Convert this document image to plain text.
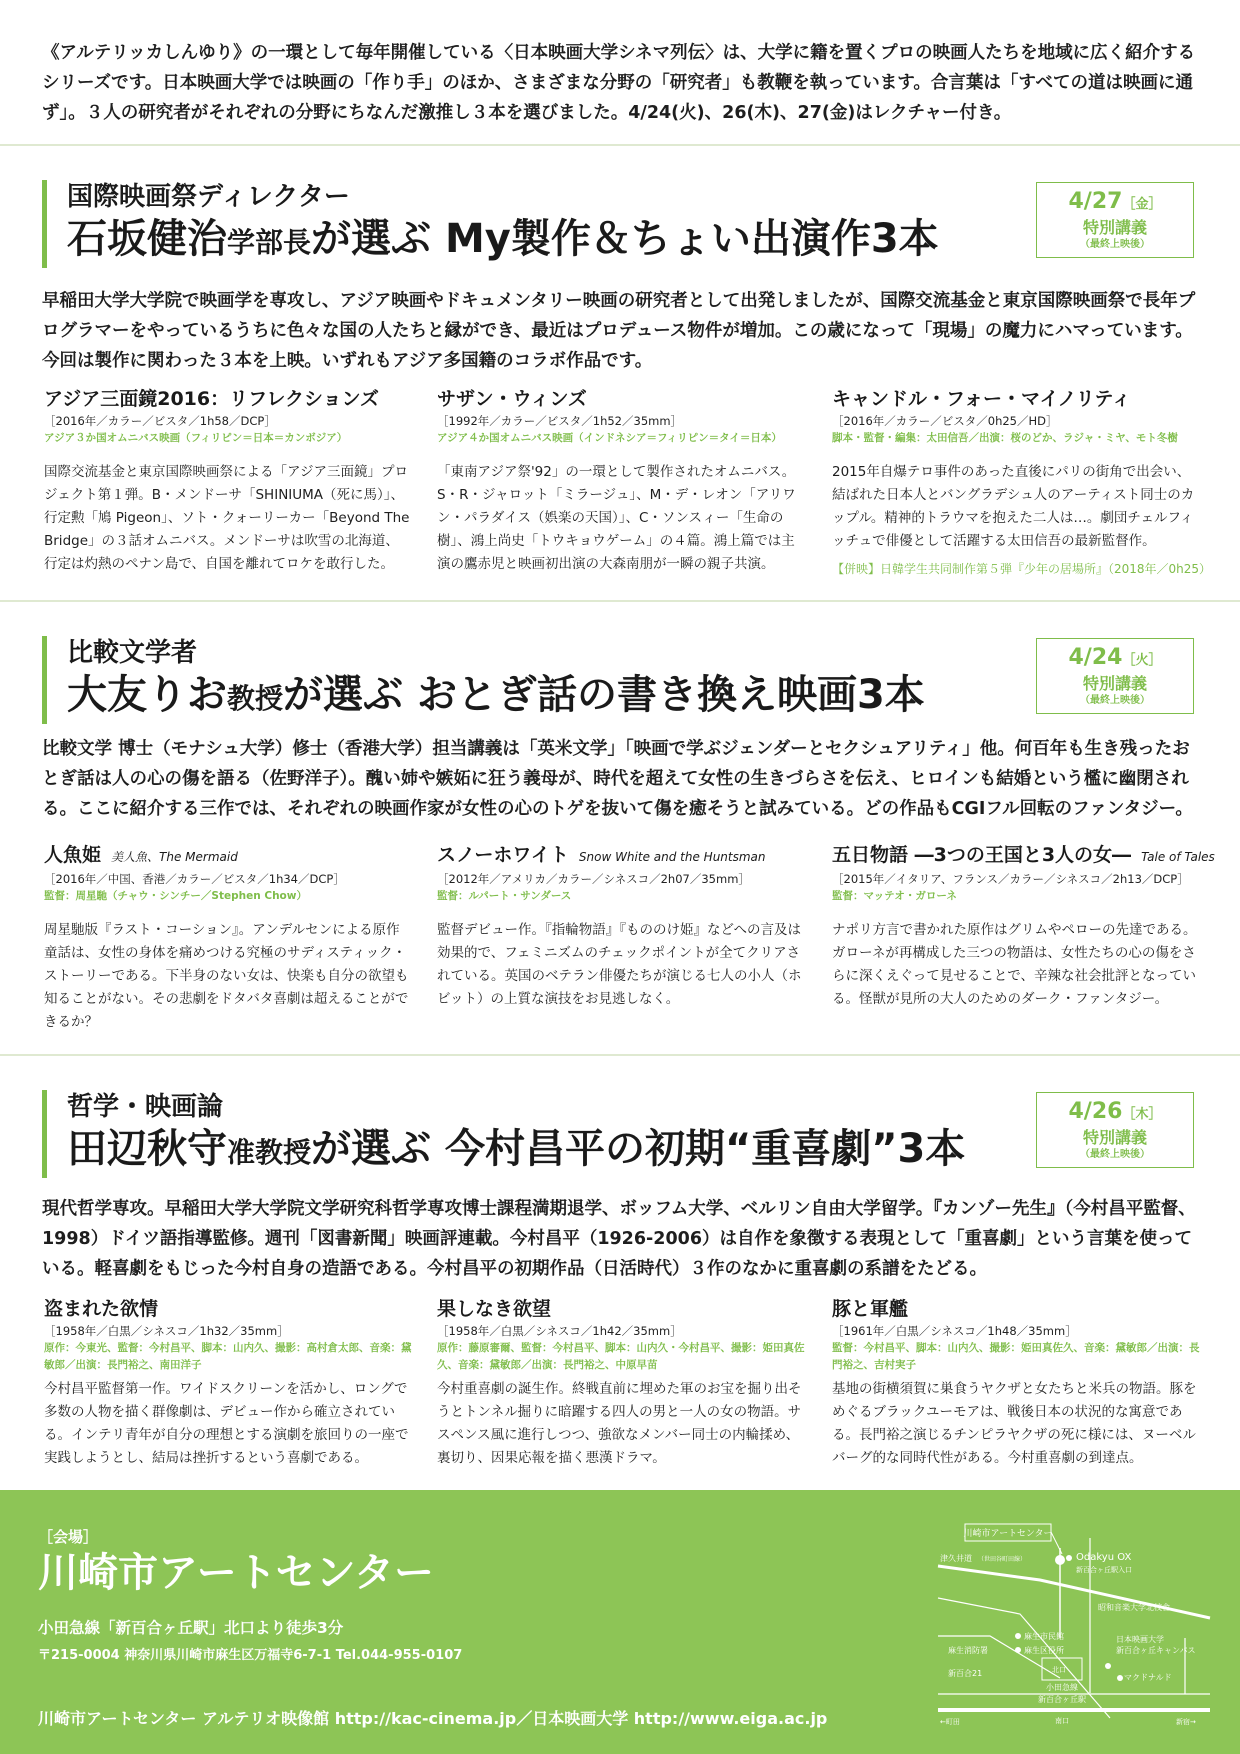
《アルテリッカしんゆり》の一環として毎年開催している〈日本映画大学シネマ列伝〉は、大学に籍を置くプロの映画人たちを地域に広く紹介するシリーズです。日本映画大学では映画の「作り手」のほか、さまざまな分野の「研究者」も教鞭を執っています。合言葉は「すべての道は映画に通ず」。３人の研究者がそれぞれの分野にちなんだ激推し３本を選びました。4/24(火)、26(木)、27(金)はレクチャー付き。
国際映画祭ディレクター
石坂健治学部長が選ぶ My製作＆ちょい出演作3本
4/27［金］
特別講義
（最終上映後）
早稲田大学大学院で映画学を専攻し、アジア映画やドキュメンタリー映画の研究者として出発しましたが、国際交流基金と東京国際映画祭で長年プログラマーをやっているうちに色々な国の人たちと縁ができ、最近はプロデュース物件が増加。この歳になって「現場」の魔力にハマっています。今回は製作に関わった３本を上映。いずれもアジア多国籍のコラボ作品です。
アジア三面鏡2016：リフレクションズ
［2016年／カラー／ビスタ／1h58／DCP］
アジア３か国オムニバス映画（フィリピン＝日本＝カンボジア）
国際交流基金と東京国際映画祭による「アジア三面鏡」プロジェクト第１弾。B・メンドーサ「SHINIUMA（死に馬）」、行定勲「鳩 Pigeon」、ソト・クォーリーカー「Beyond The Bridge」の３話オムニバス。メンドーサは吹雪の北海道、行定は灼熱のペナン島で、自国を離れてロケを敢行した。
サザン・ウィンズ
［1992年／カラー／ビスタ／1h52／35mm］
アジア４か国オムニバス映画（インドネシア＝フィリピン＝タイ＝日本）
「東南アジア祭'92」の一環として製作されたオムニバス。S・R・ジャロット「ミラージュ」、M・デ・レオン「アリワン・パラダイス（娯楽の天国）」、C・ソンスィー「生命の樹」、鴻上尚史「トウキョウゲーム」の４篇。鴻上篇では主演の鷹赤児と映画初出演の大森南朋が一瞬の親子共演。
キャンドル・フォー・マイノリティ
［2016年／カラー／ビスタ／0h25／HD］
脚本・監督・編集：太田信吾／出演：桜のどか、ラジャ・ミヤ、モト冬樹
2015年自爆テロ事件のあった直後にパリの街角で出会い、結ばれた日本人とバングラデシュ人のアーティスト同士のカップル。精神的トラウマを抱えた二人は…。劇団チェルフィッチュで俳優として活躍する太田信吾の最新監督作。
【併映】日韓学生共同制作第５弾『少年の居場所』（2018年／0h25）
比較文学者
大友りお教授が選ぶ おとぎ話の書き換え映画3本
4/24［火］
特別講義
（最終上映後）
比較文学 博士（モナシュ大学）修士（香港大学）担当講義は「英米文学」「映画で学ぶジェンダーとセクシュアリティ」他。何百年も生き残ったおとぎ話は人の心の傷を語る（佐野洋子）。醜い姉や嫉妬に狂う義母が、時代を超えて女性の生きづらさを伝え、ヒロインも結婚という檻に幽閉される。ここに紹介する三作では、それぞれの映画作家が女性の心のトゲを抜いて傷を癒そうと試みている。どの作品もCGIフル回転のファンタジー。
人魚姫 美人魚、The Mermaid
［2016年／中国、香港／カラー／ビスタ／1h34／DCP］
監督：周星馳（チャウ・シンチー／Stephen Chow）
周星馳版『ラスト・コーション』。アンデルセンによる原作童話は、女性の身体を痛めつける究極のサディスティック・ストーリーである。下半身のない女は、快楽も自分の欲望も知ることがない。その悲劇をドタバタ喜劇は超えることができるか？
スノーホワイト Snow White and the Huntsman
［2012年／アメリカ／カラー／シネスコ／2h07／35mm］
監督：ルパート・サンダース
監督デビュー作。『指輪物語』『もののけ姫』などへの言及は効果的で、フェミニズムのチェックポイントが全てクリアされている。英国のベテラン俳優たちが演じる七人の小人（ホビット）の上質な演技をお見逃しなく。
五日物語 ―3つの王国と3人の女― Tale of Tales
［2015年／イタリア、フランス／カラー／シネスコ／2h13／DCP］
監督：マッテオ・ガローネ
ナポリ方言で書かれた原作はグリムやペローの先達である。ガローネが再構成した三つの物語は、女性たちの心の傷をさらに深くえぐって見せることで、辛辣な社会批評となっている。怪獣が見所の大人のためのダーク・ファンタジー。
哲学・映画論
田辺秋守准教授が選ぶ 今村昌平の初期“重喜劇”3本
4/26［木］
特別講義
（最終上映後）
現代哲学専攻。早稲田大学大学院文学研究科哲学専攻博士課程満期退学、ボッフム大学、ベルリン自由大学留学。『カンゾー先生』（今村昌平監督、1998）ドイツ語指導監修。週刊「図書新聞」映画評連載。今村昌平（1926-2006）は自作を象徴する表現として「重喜劇」という言葉を使っている。軽喜劇をもじった今村自身の造語である。今村昌平の初期作品（日活時代）３作のなかに重喜劇の系譜をたどる。
盗まれた欲情
［1958年／白黒／シネスコ／1h32／35mm］
原作：今東光、監督：今村昌平、脚本：山内久、撮影：高村倉太郎、音楽：黛敏郎／出演：長門裕之、南田洋子
今村昌平監督第一作。ワイドスクリーンを活かし、ロングで多数の人物を描く群像劇は、デビュー作から確立されている。インテリ青年が自分の理想とする演劇を旅回りの一座で実践しようとし、結局は挫折するという喜劇である。
果しなき欲望
［1958年／白黒／シネスコ／1h42／35mm］
原作：藤原審爾、監督：今村昌平、脚本：山内久・今村昌平、撮影：姫田真佐久、音楽：黛敏郎／出演：長門裕之、中原早苗
今村重喜劇の誕生作。終戦直前に埋めた軍のお宝を掘り出そうとトンネル掘りに暗躍する四人の男と一人の女の物語。サスペンス風に進行しつつ、強欲なメンバー同士の内輪揉め、裏切り、因果応報を描く悪漢ドラマ。
豚と軍艦
［1961年／白黒／シネスコ／1h48／35mm］
監督：今村昌平、脚本：山内久、撮影：姫田真佐久、音楽：黛敏郎／出演：長門裕之、吉村実子
基地の街横須賀に巣食うヤクザと女たちと米兵の物語。豚をめぐるブラックユーモアは、戦後日本の状況的な寓意である。長門裕之演じるチンピラヤクザの死に様には、ヌーベルバーグ的な同時代性がある。今村重喜劇の到達点。
［会場］
川崎市アートセンター
小田急線「新百合ヶ丘駅」北口より徒歩3分
〒215-0004 神奈川県川崎市麻生区万福寺6-7-1 Tel.044-955-0107
川崎市アートセンター アルテリオ映像館 http://kac-cinema.jp／日本映画大学 http://www.eiga.ac.jp
川崎市アートセンター
津久井道 （世田谷町田線）	Odakyu OX
新百合ヶ丘駅入口
昭和音楽大学北校舎
麻生市民館
麻生区役所
麻生消防署
日本映画大学
新百合ヶ丘キャンパス
新百合21	北口
マクドナルド
小田急線
新百合ヶ丘駅
南口
←町田	新宿→
